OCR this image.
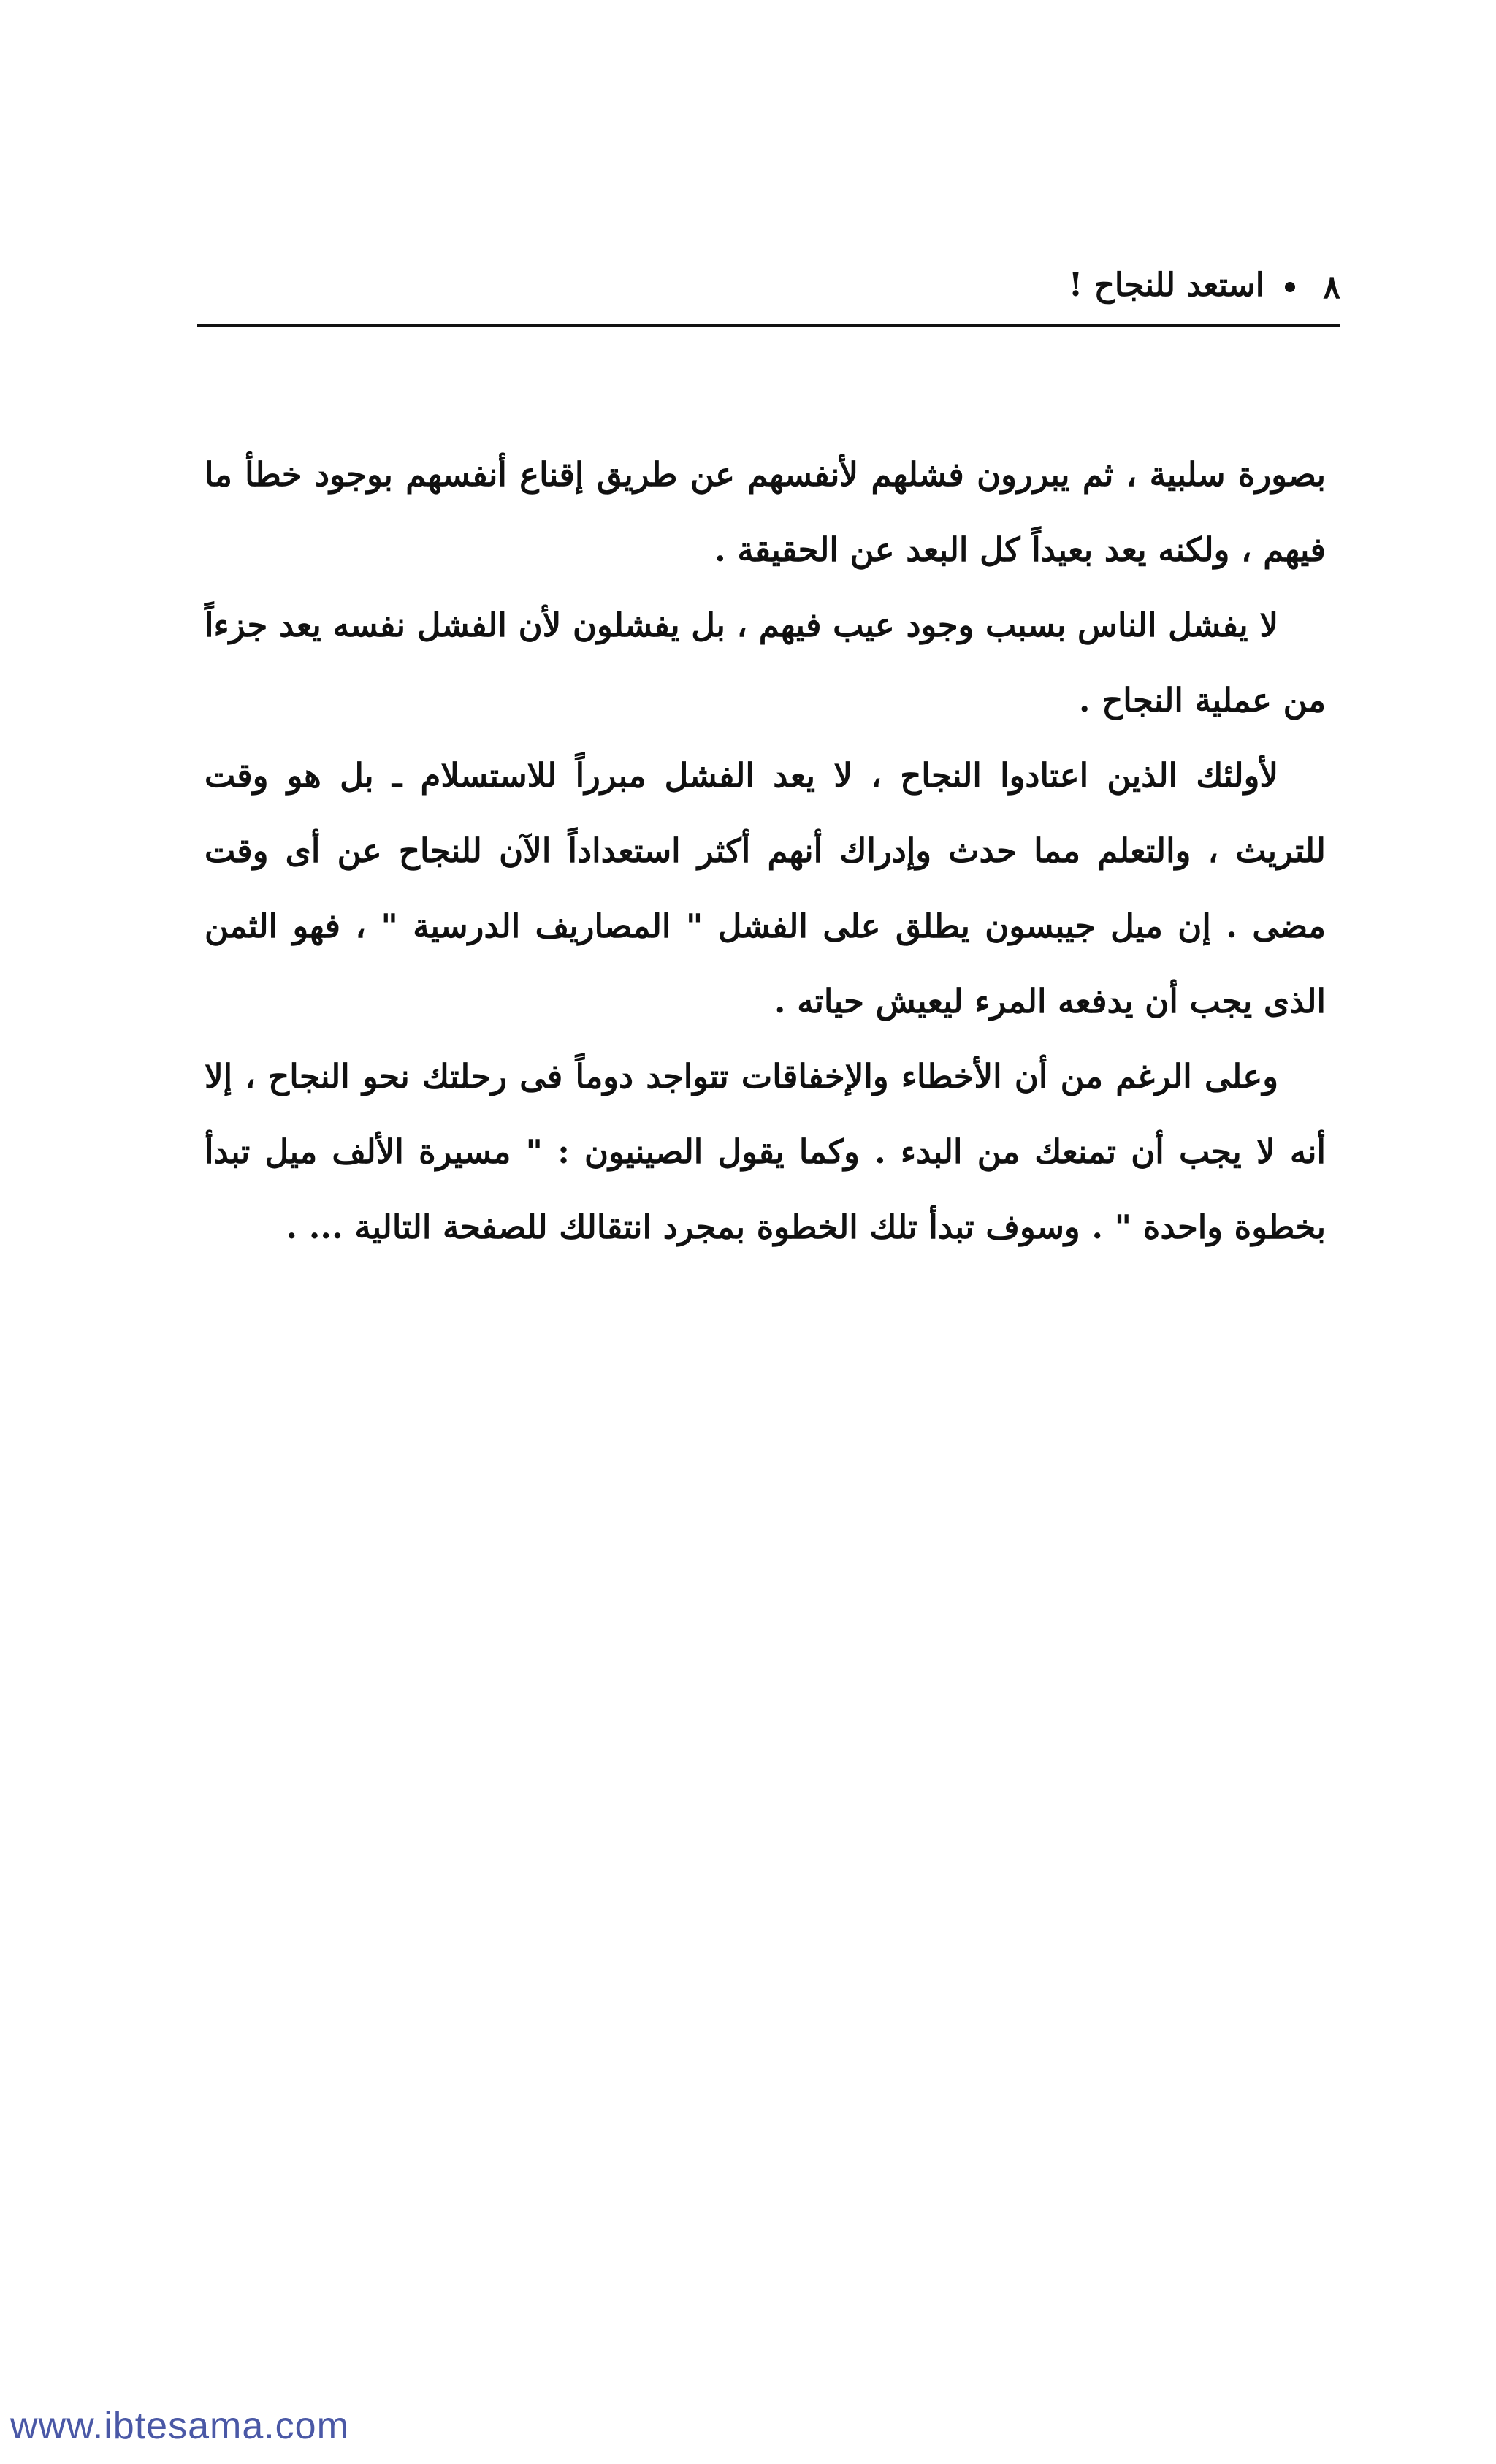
٨
استعد للنجاح !

بصورة سلبية ، ثم يبررون فشلهم لأنفسهم عن طريق إقناع أنفسهم بوجود خطأ ما فيهم ، ولكنه يعد بعيداً كل البعد عن الحقيقة .

لا يفشل الناس بسبب وجود عيب فيهم ، بل يفشلون لأن الفشل نفسه يعد جزءاً من عملية النجاح .

لأولئك الذين اعتادوا النجاح ، لا يعد الفشل مبرراً للاستسلام ـ بل هو وقت للتريث ، والتعلم مما حدث وإدراك أنهم أكثر استعداداً الآن للنجاح عن أى وقت مضى . إن ميل جيبسون يطلق على الفشل " المصاريف الدرسية " ، فهو الثمن الذى يجب أن يدفعه المرء ليعيش حياته .

وعلى الرغم من أن الأخطاء والإخفاقات تتواجد دوماً فى رحلتك نحو النجاح ، إلا أنه لا يجب أن تمنعك من البدء . وكما يقول الصينيون : " مسيرة الألف ميل تبدأ بخطوة واحدة " . وسوف تبدأ تلك الخطوة بمجرد انتقالك للصفحة التالية ... .

www.ibtesama.com
